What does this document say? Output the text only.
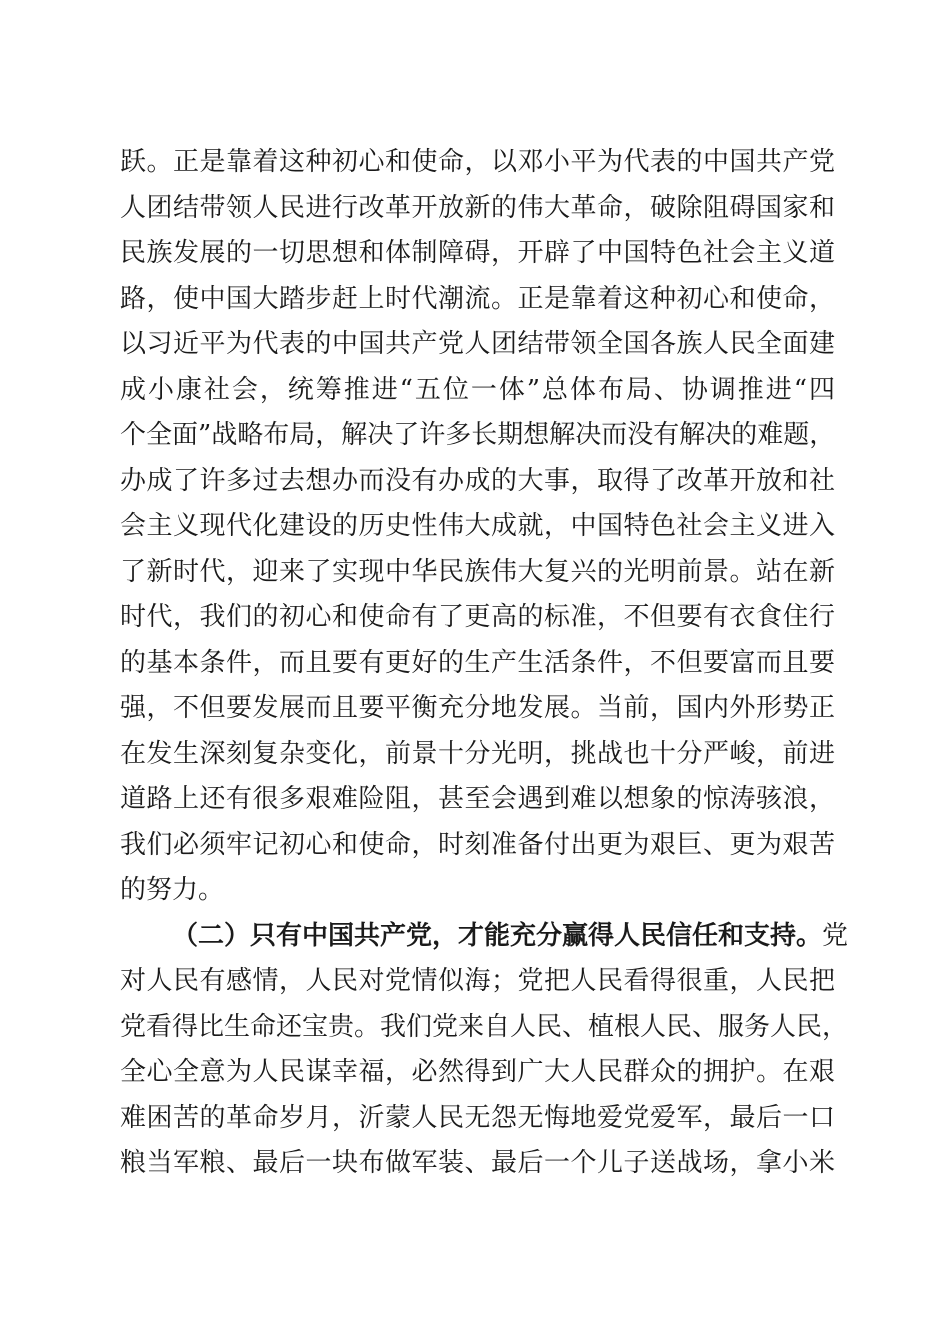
跃。正是靠着这种初心和使命，以邓小平为代表的中国共产党
人团结带领人民进行改革开放新的伟大革命，破除阻碍国家和
民族发展的一切思想和体制障碍，开辟了中国特色社会主义道
路，使中国大踏步赶上时代潮流。正是靠着这种初心和使命，
以习近平为代表的中国共产党人团结带领全国各族人民全面建
成小康社会，统筹推进“五位一体”总体布局、协调推进“四
个全面”战略布局，解决了许多长期想解决而没有解决的难题，
办成了许多过去想办而没有办成的大事，取得了改革开放和社
会主义现代化建设的历史性伟大成就，中国特色社会主义进入
了新时代，迎来了实现中华民族伟大复兴的光明前景。站在新
时代，我们的初心和使命有了更高的标准，不但要有衣食住行
的基本条件，而且要有更好的生产生活条件，不但要富而且要
强，不但要发展而且要平衡充分地发展。当前，国内外形势正
在发生深刻复杂变化，前景十分光明，挑战也十分严峻，前进
道路上还有很多艰难险阻，甚至会遇到难以想象的惊涛骇浪，
我们必须牢记初心和使命，时刻准备付出更为艰巨、更为艰苦
的努力。
（二）只有中国共产党，才能充分赢得人民信任和支持。党
对人民有感情，人民对党情似海；党把人民看得很重，人民把
党看得比生命还宝贵。我们党来自人民、植根人民、服务人民，
全心全意为人民谋幸福，必然得到广大人民群众的拥护。在艰
难困苦的革命岁月，沂蒙人民无怨无悔地爱党爱军，最后一口
粮当军粮、最后一块布做军装、最后一个儿子送战场，拿小米
